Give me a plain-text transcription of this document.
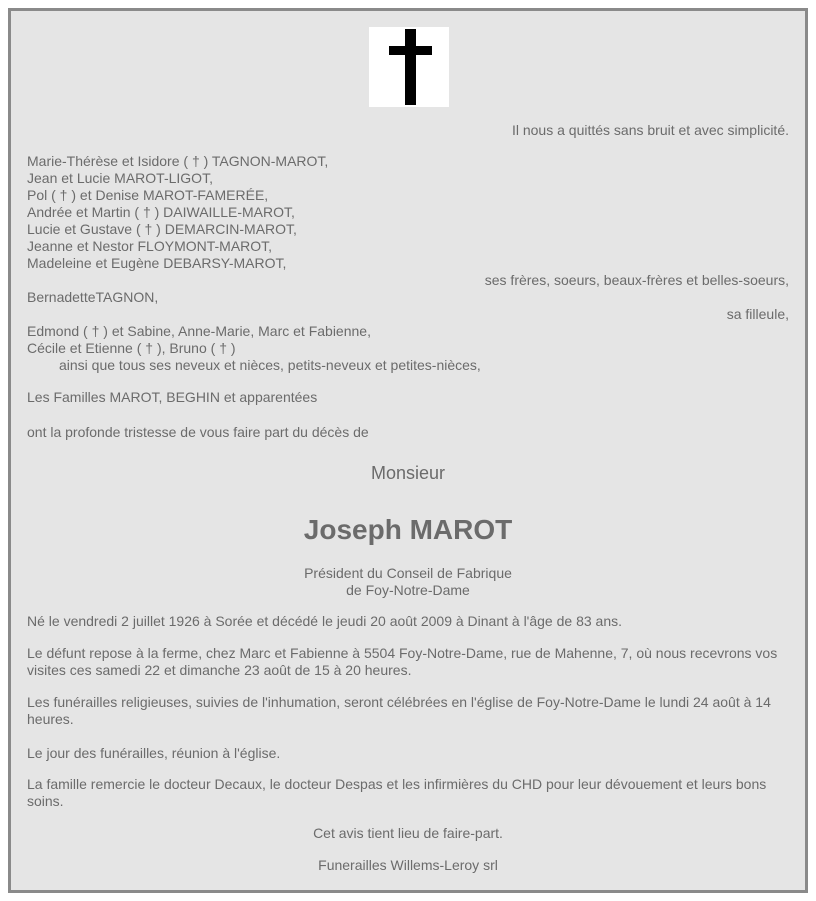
Il nous a quittés sans bruit et avec simplicité.
Marie-Thérèse et Isidore ( † ) TAGNON-MAROT,
Jean et Lucie MAROT-LIGOT,
Pol ( † ) et Denise MAROT-FAMERÉE,
Andrée et Martin ( † ) DAIWAILLE-MAROT,
Lucie et Gustave ( † ) DEMARCIN-MAROT,
Jeanne et Nestor FLOYMONT-MAROT,
Madeleine et Eugène DEBARSY-MAROT,
ses frères, soeurs, beaux-frères et belles-soeurs,
BernadetteTAGNON,
sa filleule,
Edmond ( † ) et Sabine, Anne-Marie, Marc et Fabienne,
Cécile et Etienne ( † ), Bruno ( † )
ainsi que tous ses neveux et nièces, petits-neveux et petites-nièces,
Les Familles MAROT, BEGHIN et apparentées
ont la profonde tristesse de vous faire part du décès de
Monsieur
Joseph MAROT
Président du Conseil de Fabrique
de Foy-Notre-Dame
Né le vendredi 2 juillet 1926 à Sorée et décédé le jeudi 20 août 2009 à Dinant à l'âge de 83 ans.
Le défunt repose à la ferme, chez Marc et Fabienne à 5504 Foy-Notre-Dame, rue de Mahenne, 7, où nous recevrons vos visites ces samedi 22 et dimanche 23 août de 15 à 20 heures.
Les funérailles religieuses, suivies de l'inhumation, seront célébrées en l'église de Foy-Notre-Dame le lundi 24 août à 14 heures.
Le jour des funérailles, réunion à l'église.
La famille remercie le docteur Decaux, le docteur Despas et les infirmières du CHD pour leur dévouement et leurs bons soins.
Cet avis tient lieu de faire-part.
Funerailles Willems-Leroy srl
